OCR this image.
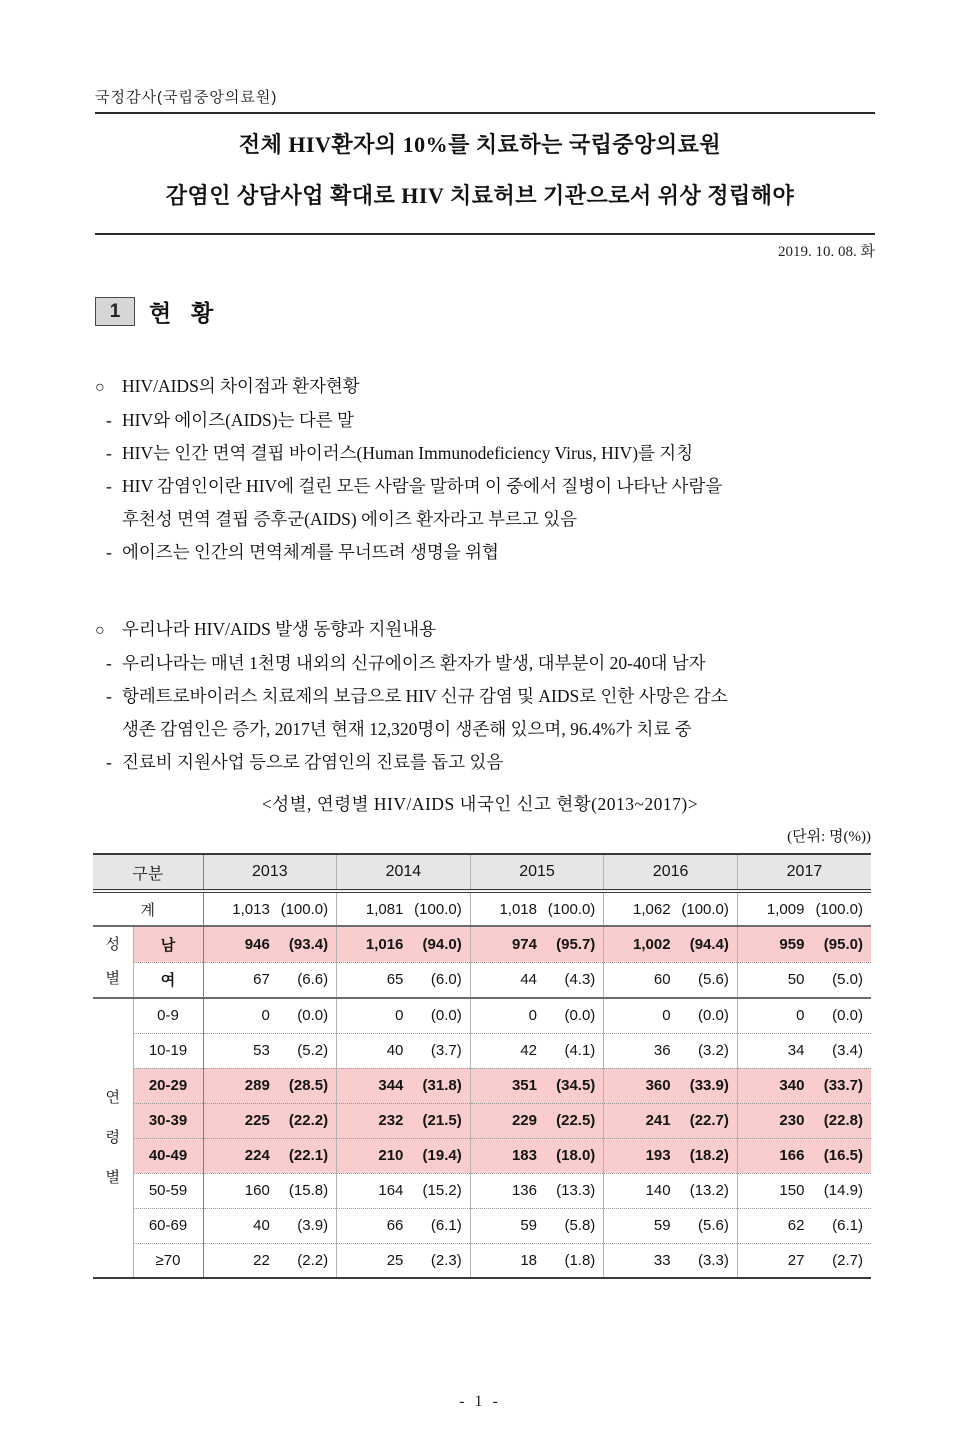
국정감사(국립중앙의료원)
전체 HIV환자의 10%를 치료하는 국립중앙의료원
감염인 상담사업 확대로 HIV 치료허브 기관으로서 위상 정립해야
2019. 10. 08. 화
1	현 황
○ HIV/AIDS의 차이점과 환자현황
- HIV와 에이즈(AIDS)는 다른 말
- HIV는 인간 면역 결핍 바이러스(Human Immunodeficiency Virus, HIV)를 지칭
- HIV 감염인이란 HIV에 걸린 모든 사람을 말하며 이 중에서 질병이 나타난 사람을
후천성 면역 결핍 증후군(AIDS) 에이즈 환자라고 부르고 있음
- 에이즈는 인간의 면역체계를 무너뜨려 생명을 위협
○ 우리나라 HIV/AIDS 발생 동향과 지원내용
- 우리나라는 매년 1천명 내외의 신규에이즈 환자가 발생, 대부분이 20-40대 남자
- 항레트로바이러스 치료제의 보급으로 HIV 신규 감염 및 AIDS로 인한 사망은 감소
생존 감염인은 증가, 2017년 현재 12,320명이 생존해 있으며, 96.4%가 치료 중
- 진료비 지원사업 등으로 감염인의 진료를 돕고 있음
<성별, 연령별 HIV/AIDS 내국인 신고 현황(2013~2017)>
(단위: 명(%))
구분		2013	2014	2015	2016	2017
계		1,013 (100.0)	1,081 (100.0)	1,018 (100.0)	1,062 (100.0)	1,009 (100.0)

성
별	남	946 (93.4)	1,016 (94.0)	974 (95.7)	1,002 (94.4)	959 (95.0)

	여	67 (6.6)	65 (6.0)	44 (4.3)	60 (5.6)	50 (5.0)

연
령
별	0-9	0 (0.0)	0 (0.0)	0 (0.0)	0 (0.0)	0 (0.0)

	10-19	53 (5.2)	40 (3.7)	42 (4.1)	36 (3.2)	34 (3.4)

	20-29	289 (28.5)	344 (31.8)	351 (34.5)	360 (33.9)	340 (33.7)

	30-39	225 (22.2)	232 (21.5)	229 (22.5)	241 (22.7)	230 (22.8)

	40-49	224 (22.1)	210 (19.4)	183 (18.0)	193 (18.2)	166 (16.5)

	50-59	160 (15.8)	164 (15.2)	136 (13.3)	140 (13.2)	150 (14.9)

	60-69	40 (3.9)	66 (6.1)	59 (5.8)	59 (5.6)	62 (6.1)

	≥70	22 (2.2)	25 (2.3)	18 (1.8)	33 (3.3)	27 (2.7)
- 1 -
